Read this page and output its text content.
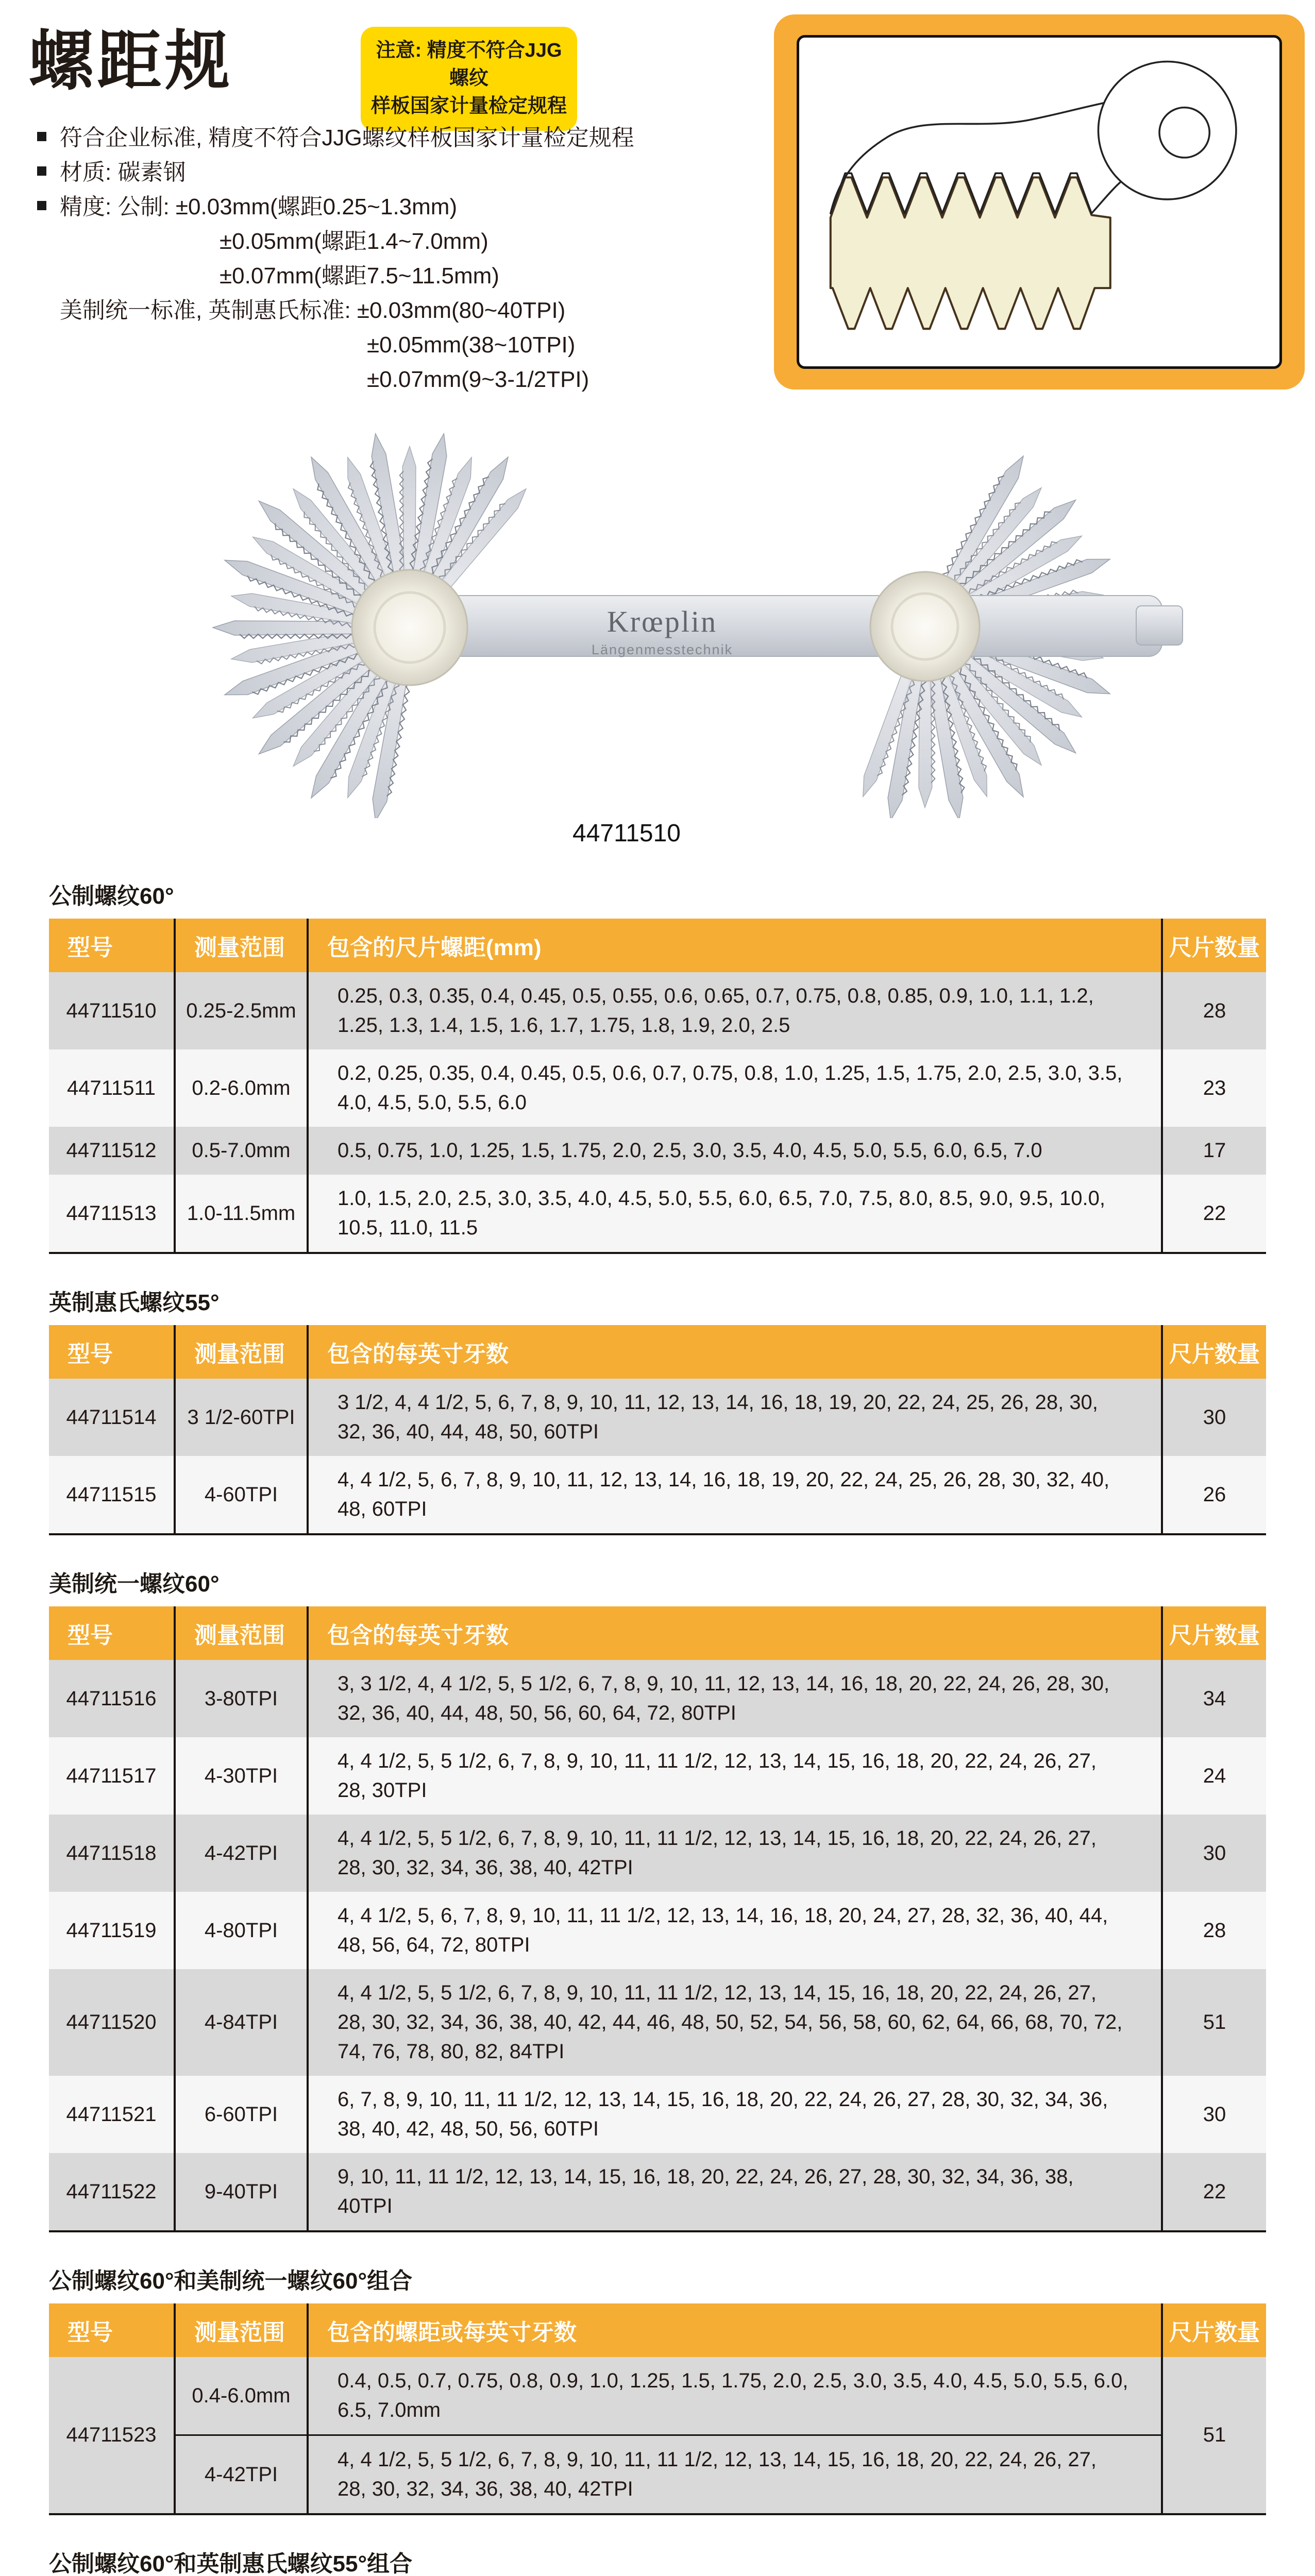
螺距规	注意: 精度不符合JJG螺纹
样板国家计量检定规程
符合企业标准, 精度不符合JJG螺纹样板国家计量检定规程
材质: 碳素钢
精度: 公制: ±0.03mm(螺距0.25~1.3mm)
±0.05mm(螺距1.4~7.0mm)
±0.07mm(螺距7.5~11.5mm)
美制统一标准, 英制惠氏标准: ±0.03mm(80~40TPI)
±0.05mm(38~10TPI)
±0.07mm(9~3-1/2TPI)
Krœplin
Längenmesstechnik
44711510
公制螺纹60°
型号	测量范围	包含的尺片螺距(mm)	尺片数量
44711510	0.25-2.5mm	0.25, 0.3, 0.35, 0.4, 0.45, 0.5, 0.55, 0.6, 0.65, 0.7, 0.75, 0.8, 0.85, 0.9, 1.0, 1.1, 1.2, 1.25, 1.3, 1.4, 1.5, 1.6, 1.7, 1.75, 1.8, 1.9, 2.0, 2.5	28
44711511	0.2-6.0mm	0.2, 0.25, 0.35, 0.4, 0.45, 0.5, 0.6, 0.7, 0.75, 0.8, 1.0, 1.25, 1.5, 1.75, 2.0, 2.5, 3.0, 3.5, 4.0, 4.5, 5.0, 5.5, 6.0	23
44711512	0.5-7.0mm	0.5, 0.75, 1.0, 1.25, 1.5, 1.75, 2.0, 2.5, 3.0, 3.5, 4.0, 4.5, 5.0, 5.5, 6.0, 6.5, 7.0	17
44711513	1.0-11.5mm	1.0, 1.5, 2.0, 2.5, 3.0, 3.5, 4.0, 4.5, 5.0, 5.5, 6.0, 6.5, 7.0, 7.5, 8.0, 8.5, 9.0, 9.5, 10.0, 10.5, 11.0, 11.5	22
英制惠氏螺纹55°
型号	测量范围	包含的每英寸牙数	尺片数量
44711514	3 1/2-60TPI	3 1/2, 4, 4 1/2, 5, 6, 7, 8, 9, 10, 11, 12, 13, 14, 16, 18, 19, 20, 22, 24, 25, 26, 28, 30, 32, 36, 40, 44, 48, 50, 60TPI	30
44711515	4-60TPI	4, 4 1/2, 5, 6, 7, 8, 9, 10, 11, 12, 13, 14, 16, 18, 19, 20, 22, 24, 25, 26, 28, 30, 32, 40, 48, 60TPI	26
美制统一螺纹60°
型号	测量范围	包含的每英寸牙数	尺片数量
44711516	3-80TPI	3, 3 1/2, 4, 4 1/2, 5, 5 1/2, 6, 7, 8, 9, 10, 11, 12, 13, 14, 16, 18, 20, 22, 24, 26, 28, 30, 32, 36, 40, 44, 48, 50, 56, 60, 64, 72, 80TPI	34
44711517	4-30TPI	4, 4 1/2, 5, 5 1/2, 6, 7, 8, 9, 10, 11, 11 1/2, 12, 13, 14, 15, 16, 18, 20, 22, 24, 26, 27, 28, 30TPI	24
44711518	4-42TPI	4, 4 1/2, 5, 5 1/2, 6, 7, 8, 9, 10, 11, 11 1/2, 12, 13, 14, 15, 16, 18, 20, 22, 24, 26, 27, 28, 30, 32, 34, 36, 38, 40, 42TPI	30
44711519	4-80TPI	4, 4 1/2, 5, 6, 7, 8, 9, 10, 11, 11 1/2, 12, 13, 14, 16, 18, 20, 24, 27, 28, 32, 36, 40, 44, 48, 56, 64, 72, 80TPI	28
44711520	4-84TPI	4, 4 1/2, 5, 5 1/2, 6, 7, 8, 9, 10, 11, 11 1/2, 12, 13, 14, 15, 16, 18, 20, 22, 24, 26, 27, 28, 30, 32, 34, 36, 38, 40, 42, 44, 46, 48, 50, 52, 54, 56, 58, 60, 62, 64, 66, 68, 70, 72, 74, 76, 78, 80, 82, 84TPI	51
44711521	6-60TPI	6, 7, 8, 9, 10, 11, 11 1/2, 12, 13, 14, 15, 16, 18, 20, 22, 24, 26, 27, 28, 30, 32, 34, 36, 38, 40, 42, 48, 50, 56, 60TPI	30
44711522	9-40TPI	9, 10, 11, 11 1/2, 12, 13, 14, 15, 16, 18, 20, 22, 24, 26, 27, 28, 30, 32, 34, 36, 38, 40TPI	22
公制螺纹60°和美制统一螺纹60°组合
型号	测量范围	包含的螺距或每英寸牙数	尺片数量
44711523	0.4-6.0mm	0.4, 0.5, 0.7, 0.75, 0.8, 0.9, 1.0, 1.25, 1.5, 1.75, 2.0, 2.5, 3.0, 3.5, 4.0, 4.5, 5.0, 5.5, 6.0, 6.5, 7.0mm	51
	4-42TPI	4, 4 1/2, 5, 5 1/2, 6, 7, 8, 9, 10, 11, 11 1/2, 12, 13, 14, 15, 16, 18, 20, 22, 24, 26, 27, 28, 30, 32, 34, 36, 38, 40, 42TPI	
公制螺纹60°和英制惠氏螺纹55°组合
